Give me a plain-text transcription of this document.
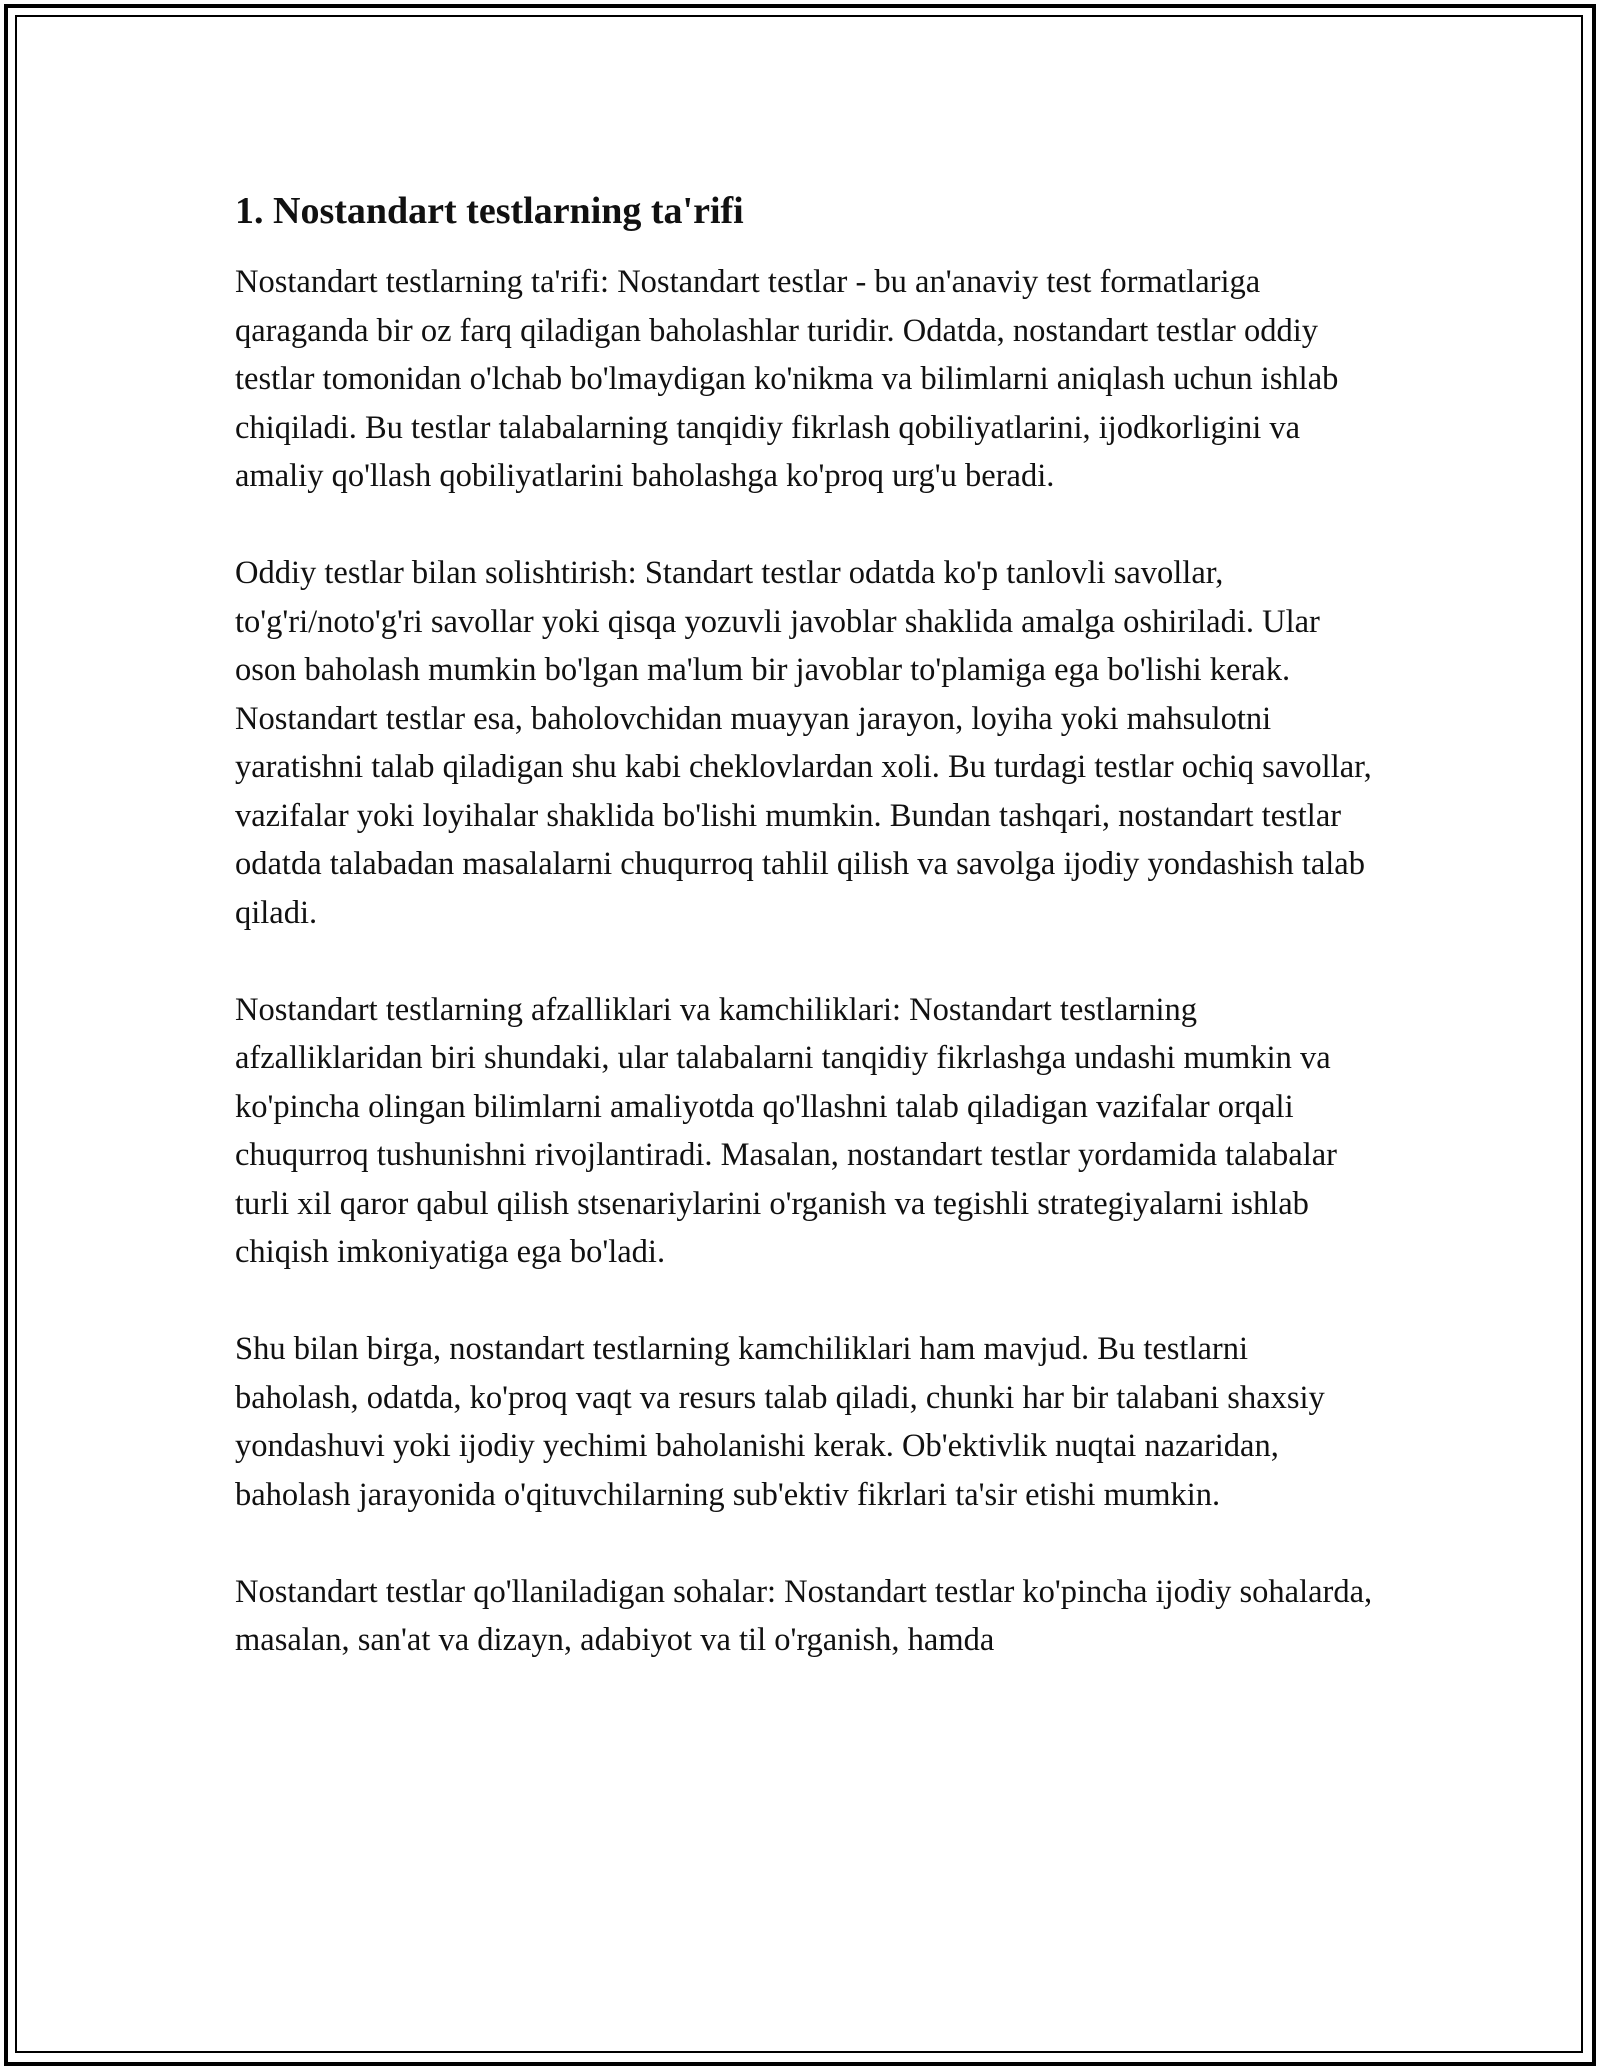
1. Nostandart testlarning ta'rifi

Nostandart testlarning ta'rifi: Nostandart testlar - bu an'anaviy test formatlariga qaraganda bir oz farq qiladigan baholashlar turidir. Odatda, nostandart testlar oddiy testlar tomonidan o'lchab bo'lmaydigan ko'nikma va bilimlarni aniqlash uchun ishlab chiqiladi. Bu testlar talabalarning tanqidiy fikrlash qobiliyatlarini, ijodkorligini va amaliy qo'llash qobiliyatlarini baholashga ko'proq urg'u beradi.

Oddiy testlar bilan solishtirish: Standart testlar odatda ko'p tanlovli savollar, to'g'ri/noto'g'ri savollar yoki qisqa yozuvli javoblar shaklida amalga oshiriladi. Ular oson baholash mumkin bo'lgan ma'lum bir javoblar to'plamiga ega bo'lishi kerak. Nostandart testlar esa, baholovchidan muayyan jarayon, loyiha yoki mahsulotni yaratishni talab qiladigan shu kabi cheklovlardan xoli. Bu turdagi testlar ochiq savollar, vazifalar yoki loyihalar shaklida bo'lishi mumkin. Bundan tashqari, nostandart testlar odatda talabadan masalalarni chuqurroq tahlil qilish va savolga ijodiy yondashish talab qiladi.

Nostandart testlarning afzalliklari va kamchiliklari: Nostandart testlarning afzalliklaridan biri shundaki, ular talabalarni tanqidiy fikrlashga undashi mumkin va ko'pincha olingan bilimlarni amaliyotda qo'llashni talab qiladigan vazifalar orqali chuqurroq tushunishni rivojlantiradi. Masalan, nostandart testlar yordamida talabalar turli xil qaror qabul qilish stsenariylarini o'rganish va tegishli strategiyalarni ishlab chiqish imkoniyatiga ega bo'ladi.

Shu bilan birga, nostandart testlarning kamchiliklari ham mavjud. Bu testlarni baholash, odatda, ko'proq vaqt va resurs talab qiladi, chunki har bir talabani shaxsiy yondashuvi yoki ijodiy yechimi baholanishi kerak. Ob'ektivlik nuqtai nazaridan, baholash jarayonida o'qituvchilarning sub'ektiv fikrlari ta'sir etishi mumkin.

Nostandart testlar qo'llaniladigan sohalar: Nostandart testlar ko'pincha ijodiy sohalarda, masalan, san'at va dizayn, adabiyot va til o'rganish, hamda
